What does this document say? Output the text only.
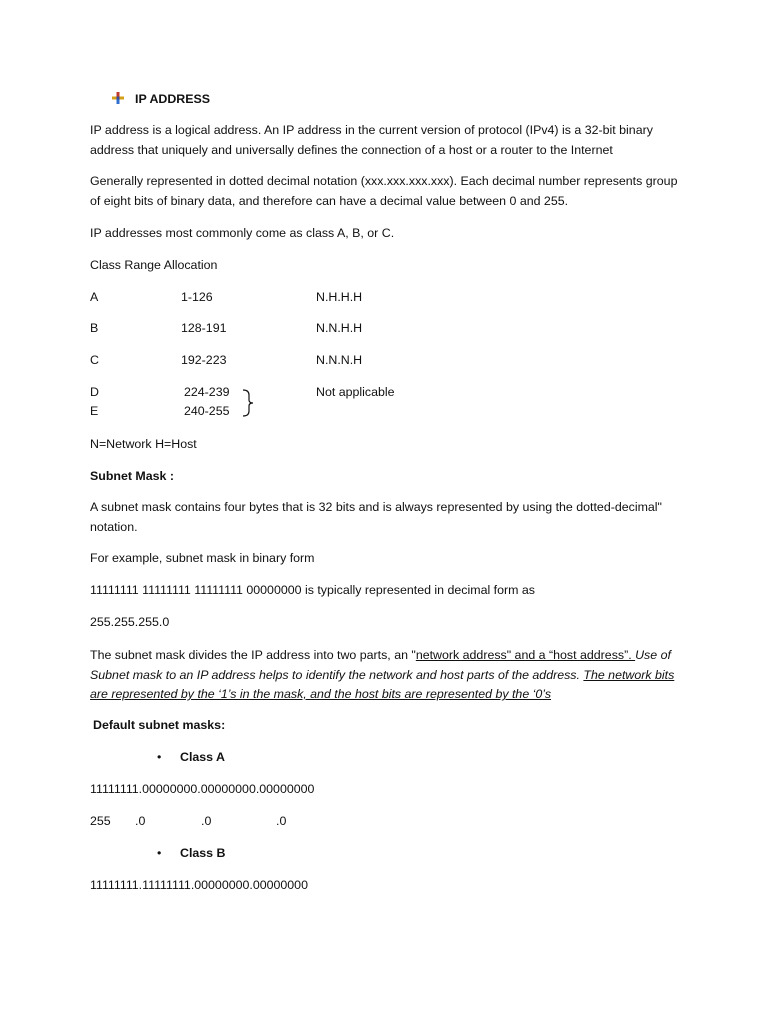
IP ADDRESS
IP address is a logical address. An IP address in the current version of protocol (IPv4) is a 32-bit binary address that uniquely and universally defines the connection of a host or a router to the Internet
Generally represented in dotted decimal notation (xxx.xxx.xxx.xxx). Each decimal number represents group of eight bits of binary data, and therefore can have a decimal value between 0 and 255.
IP addresses most commonly come as class A, B, or C.
Class Range Allocation
A	1-126	N.H.H.H
B	128-191	N.N.H.H
C	192-223	N.N.N.H
D	224-239	Not applicable
E	240-255
N=Network H=Host
Subnet Mask :
A subnet mask contains four bytes that is 32 bits and is always represented by using the dotted-decimal" notation.
For example, subnet mask in binary form
11111111 11111111 11111111 00000000 is typically represented in decimal form as
255.255.255.0
The subnet mask divides the IP address into two parts, an "network address" and a “host address”. Use of Subnet mask to an IP address helps to identify the network and host parts of the address. The network bits are represented by the ‘1’s in the mask, and the host bits are represented by the ‘0’s
Default subnet masks:
• Class A
11111111.00000000.00000000.00000000
255 .0	.0	.0
• Class B
11111111.11111111.00000000.00000000
